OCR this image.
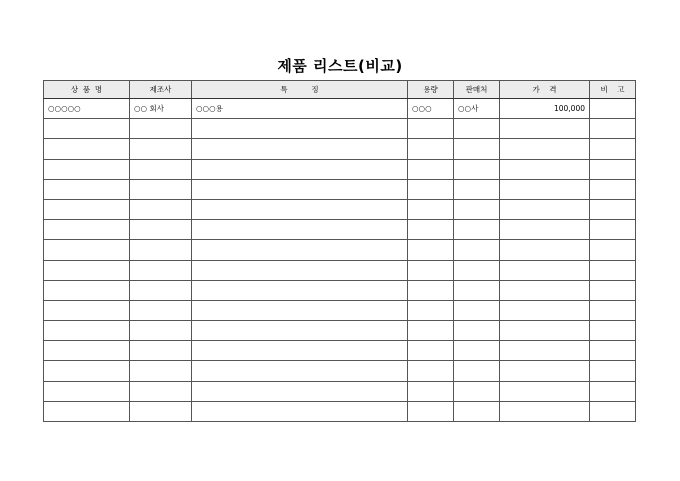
제품 리스트(비교)
상  품  명	제조사	특          징	용량	판매처	가    격	비    고
○○○○○	○○ 회사	○○○용	○○○	○○사	100,000	
